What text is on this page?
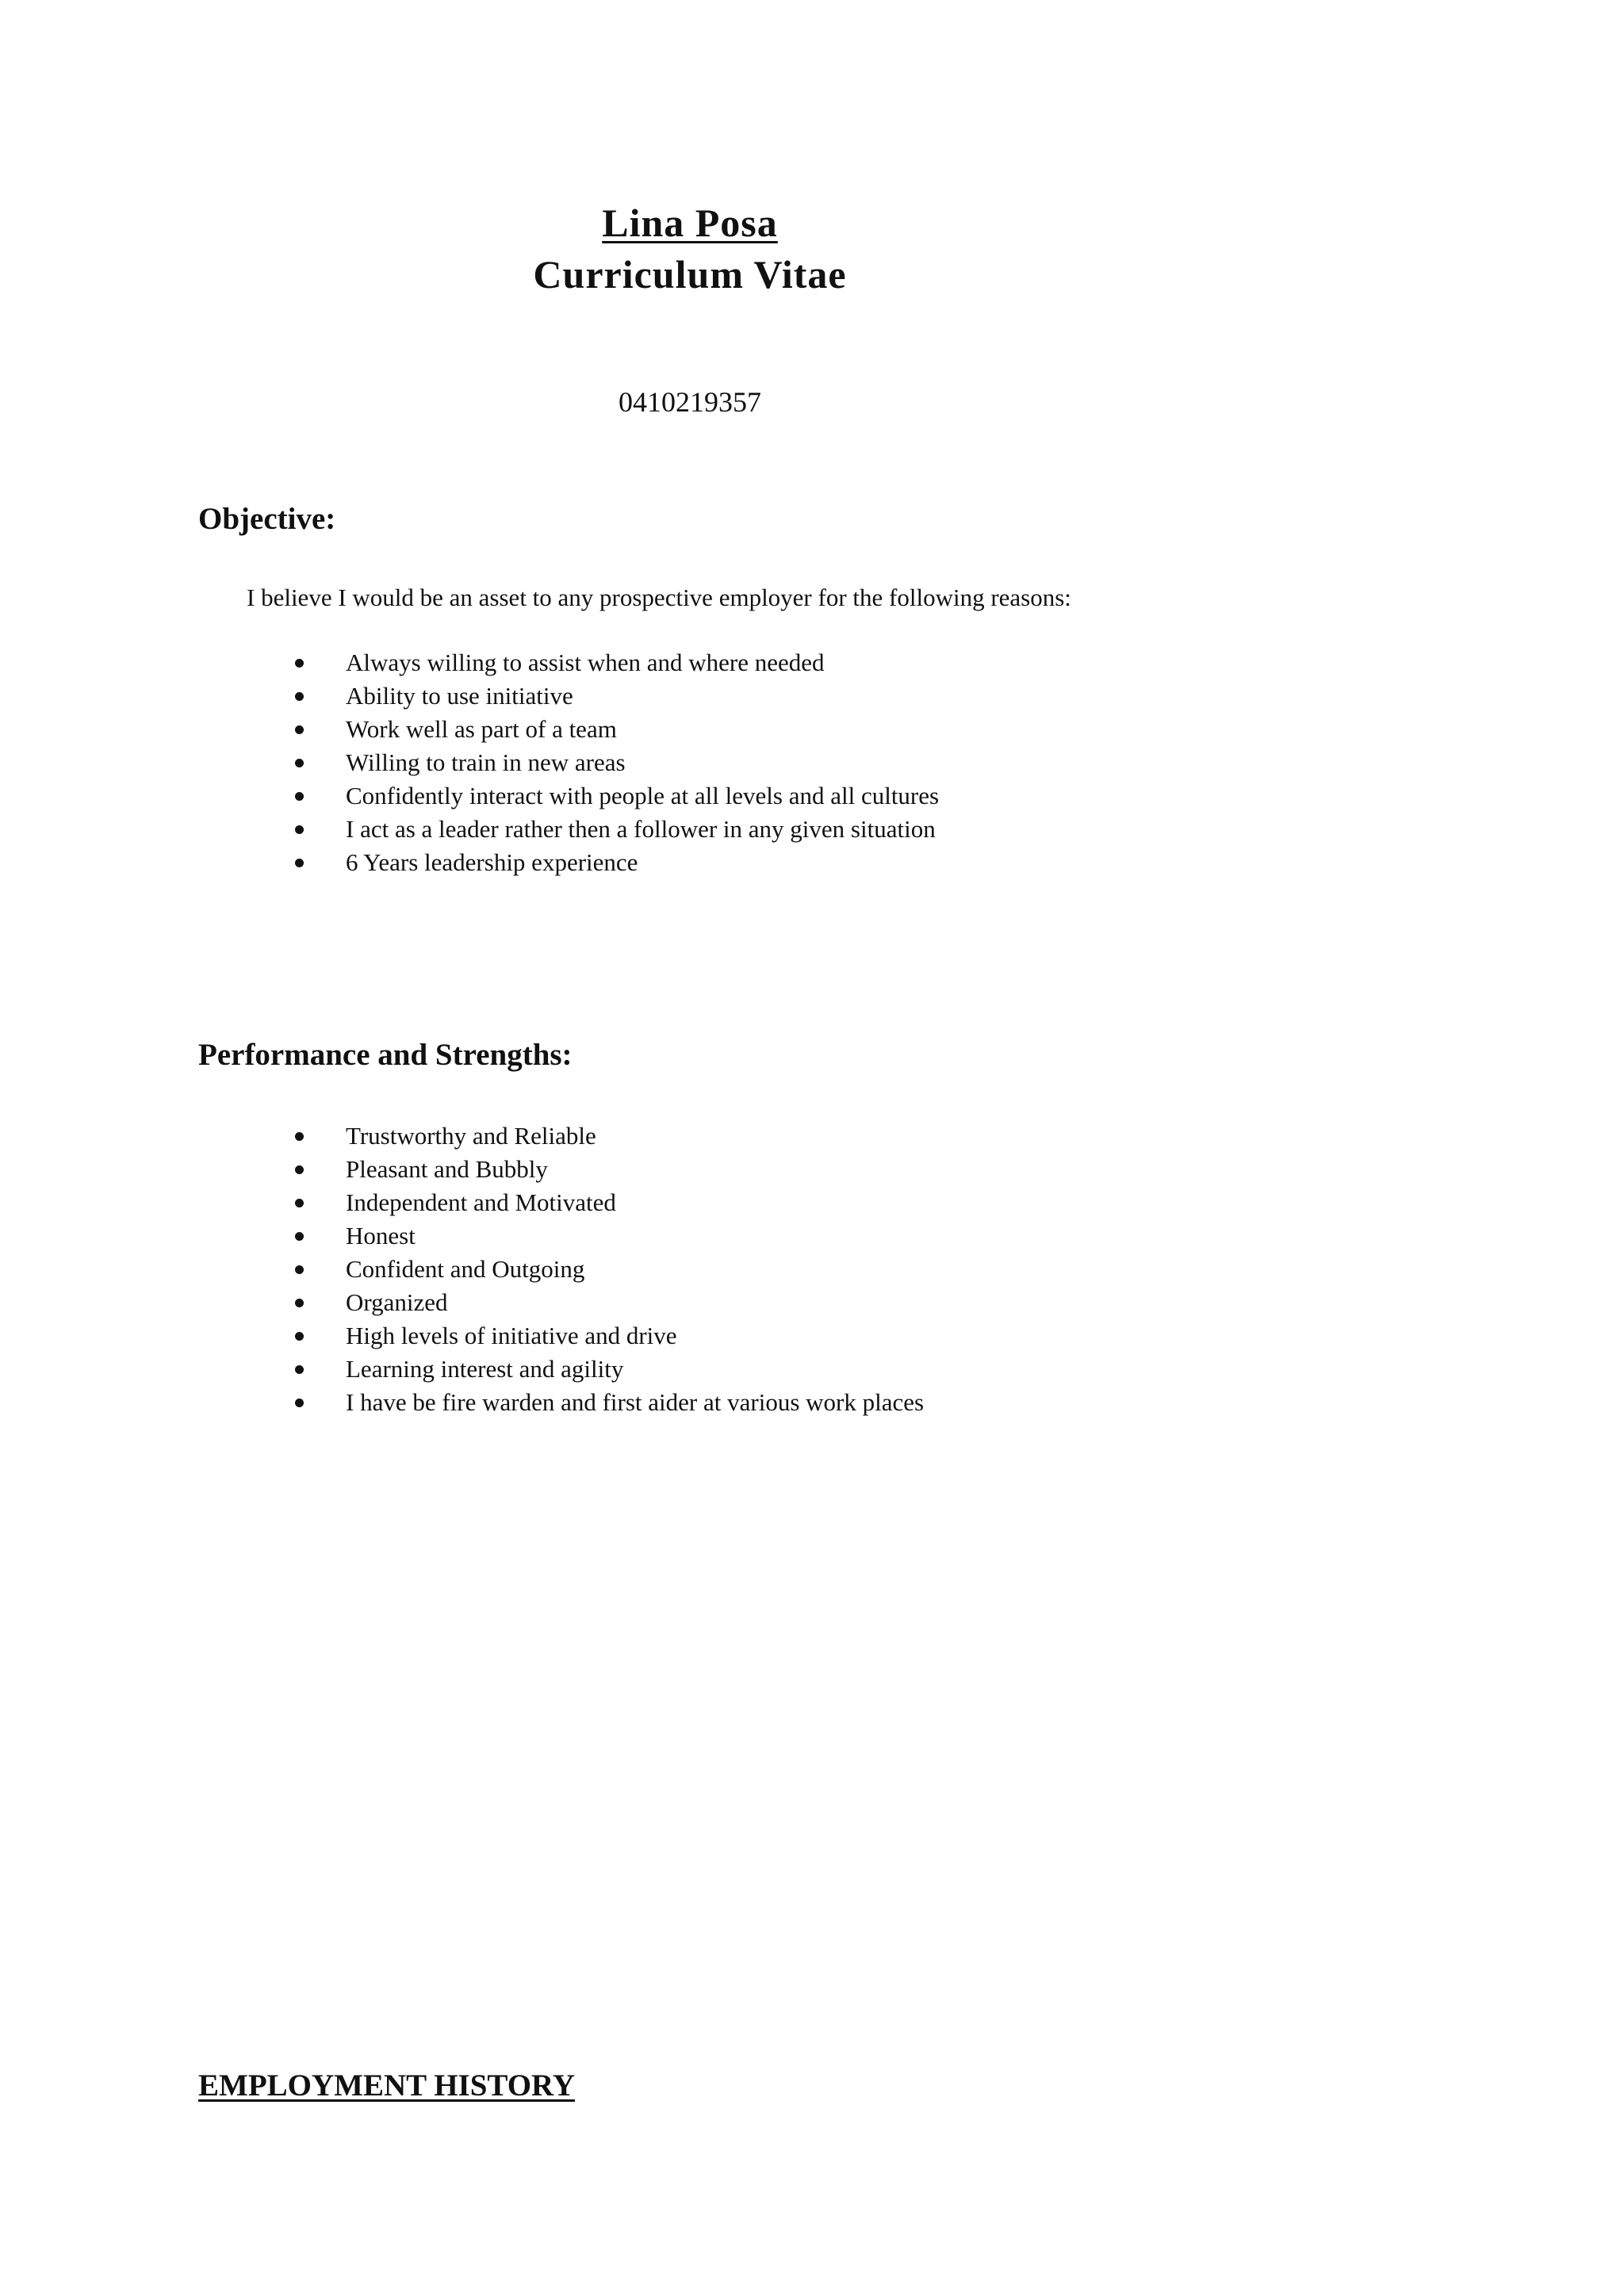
Lina Posa
Curriculum Vitae
0410219357
Objective:
I believe I would be an asset to any prospective employer for the following reasons:
Always willing to assist when and where needed
Ability to use initiative
Work well as part of a team
Willing to train in new areas
Confidently interact with people at all levels and all cultures
I act as a leader rather then a follower in any given situation
6 Years leadership experience
Performance and Strengths:
Trustworthy and Reliable
Pleasant and Bubbly
Independent and Motivated
Honest
Confident and Outgoing
Organized
High levels of initiative and drive
Learning interest and agility
I have be fire warden and first aider at various work places
EMPLOYMENT HISTORY
